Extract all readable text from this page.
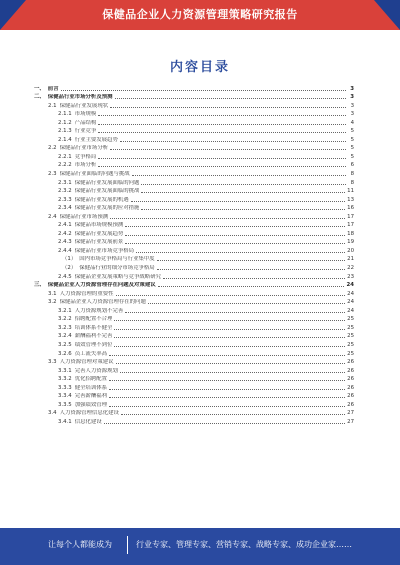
保健品企业人力资源管理策略研究报告
内容目录
一、 前言	3
二、 保健品行业市场分析及预测	3
2.1 保健品行业发展现状	3
2.1.1 市场规模	3
2.1.2 产品结构	4
2.1.3 行业竞争	5
2.1.4 行业主要发展趋势	5
2.2 保健品行业市场分析	5
2.2.1 竞争格局	5
2.2.2 市场分析	6
2.3 保健品行业面临的问题与挑战	8
2.3.1 保健品行业发展面临的问题	8
2.3.2 保健品行业发展面临的挑战	11
2.3.3 保健品行业发展的机遇	13
2.3.4 保健品行业发展的应对措施	16
2.4 保健品行业市场预测	17
2.4.1 保健品市场规模预测	17
2.4.2 保健品行业发展趋势	18
2.4.3 保健品行业发展前景	19
2.4.4 保健品行业市场竞争格局	20
（1） 国内市场竞争格局与行业集中度	21
（2） 保健品行业的细分市场竞争格局	22
2.4.5 保健品企业发展策略与竞争战略研究	23
三、 保健品企业人力资源管理存在问题及对策建议	24
3.1 人力资源管理的重要性	24
3.2 保健品企业人力资源管理存在的问题	24
3.2.1 人力资源规划不完善	24
3.2.2 招聘配置不合理	25
3.2.3 培训体系不健全	25
3.2.4 薪酬福利不完善	25
3.2.5 绩效管理不到位	25
3.2.6 员工流失率高	25
3.3 人力资源管理对策建议	26
3.3.1 完善人力资源规划	26
3.3.2 优化招聘配置	26
3.3.3 健全培训体系	26
3.3.4 完善薪酬福利	26
3.3.5 加强绩效管理	26
3.4 人力资源管理信息化建设	27
3.4.1 信息化建设	27
让每个人都能成为	行业专家、管理专家、营销专家、战略专家、成功企业家……
